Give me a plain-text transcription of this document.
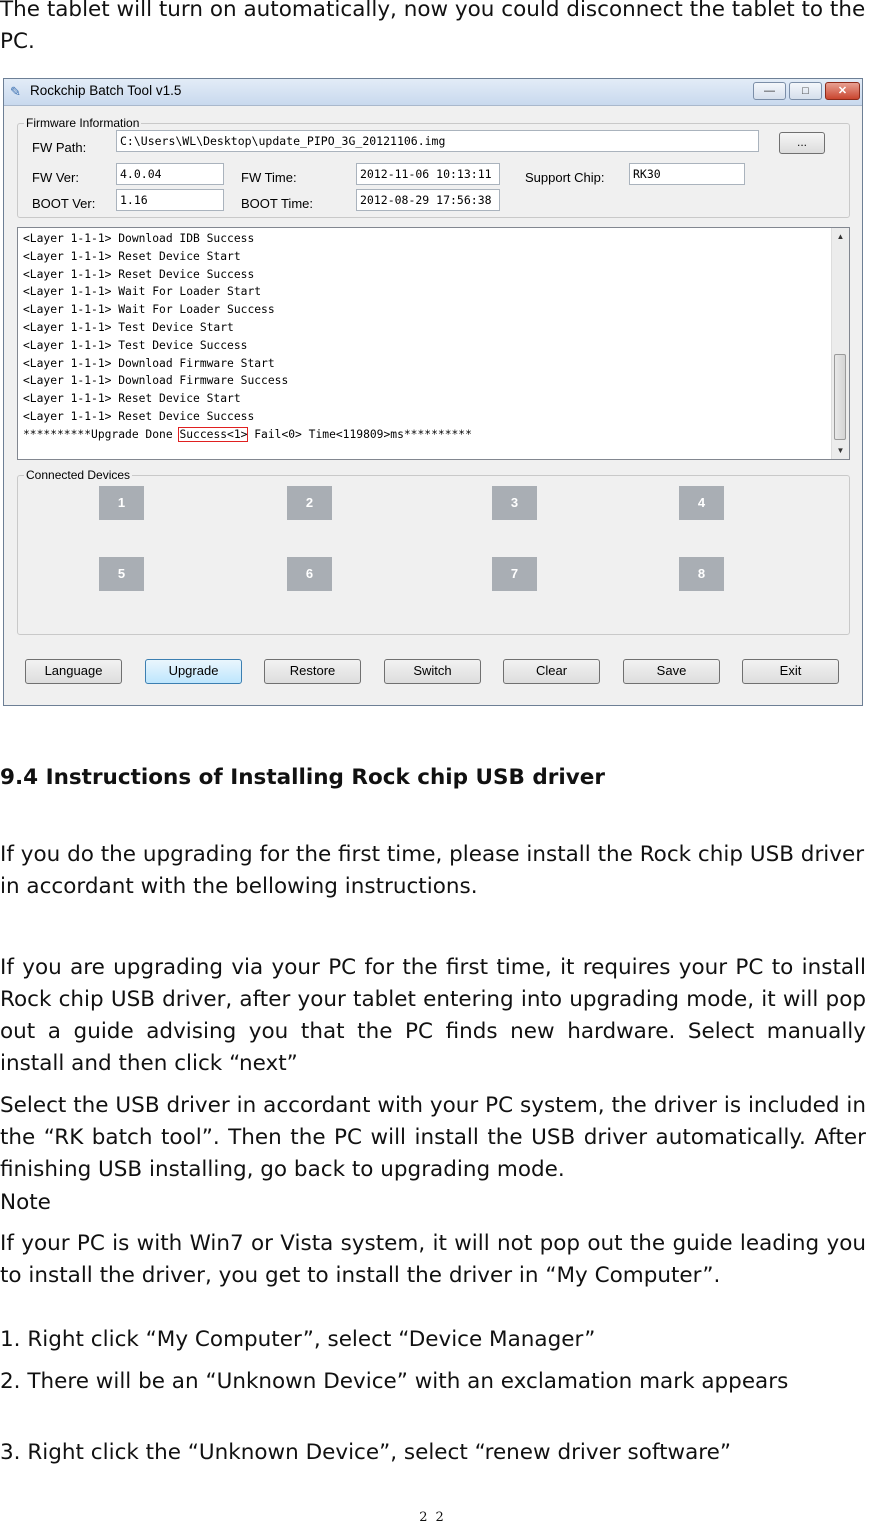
The tablet will turn on automatically, now you could disconnect the tablet to the PC.

✎ Rockchip Batch Tool v1.5	—	□	✕
Firmware Information
FW Path:	C:\Users\WL\Desktop\update_PIPO_3G_20121106.img	...
FW Ver:	4.0.04	FW Time:	2012-11-06 10:13:11	Support Chip:	RK30
BOOT Ver:	1.16	BOOT Time:	2012-08-29 17:56:38
<Layer 1-1-1> Download IDB Success
<Layer 1-1-1> Reset Device Start
<Layer 1-1-1> Reset Device Success
<Layer 1-1-1> Wait For Loader Start
<Layer 1-1-1> Wait For Loader Success
<Layer 1-1-1> Test Device Start
<Layer 1-1-1> Test Device Success
<Layer 1-1-1> Download Firmware Start
<Layer 1-1-1> Download Firmware Success
<Layer 1-1-1> Reset Device Start
<Layer 1-1-1> Reset Device Success
**********Upgrade Done Success<1> Fail<0> Time<119809>ms**********
▲
▼
Connected Devices
1	2	3	4
5	6	7	8
Language	Upgrade	Restore	Switch	Clear	Save	Exit
9.4 Instructions of Installing Rock chip USB driver

If you do the upgrading for the first time, please install the Rock chip USB driver in accordant with the bellowing instructions.

If you are upgrading via your PC for the first time, it requires your PC to install Rock chip USB driver, after your tablet entering into upgrading mode, it will pop out a guide advising you that the PC finds new hardware. Select manually install and then click “next”

Select the USB driver in accordant with your PC system, the driver is included in the “RK batch tool”. Then the PC will install the USB driver automatically. After finishing USB installing, go back to upgrading mode.

Note

If your PC is with Win7 or Vista system, it will not pop out the guide leading you to install the driver, you get to install the driver in “My Computer”.

1. Right click “My Computer”, select “Device Manager”

2. There will be an “Unknown Device” with an exclamation mark appears

3. Right click the “Unknown Device”, select “renew driver software”

22
